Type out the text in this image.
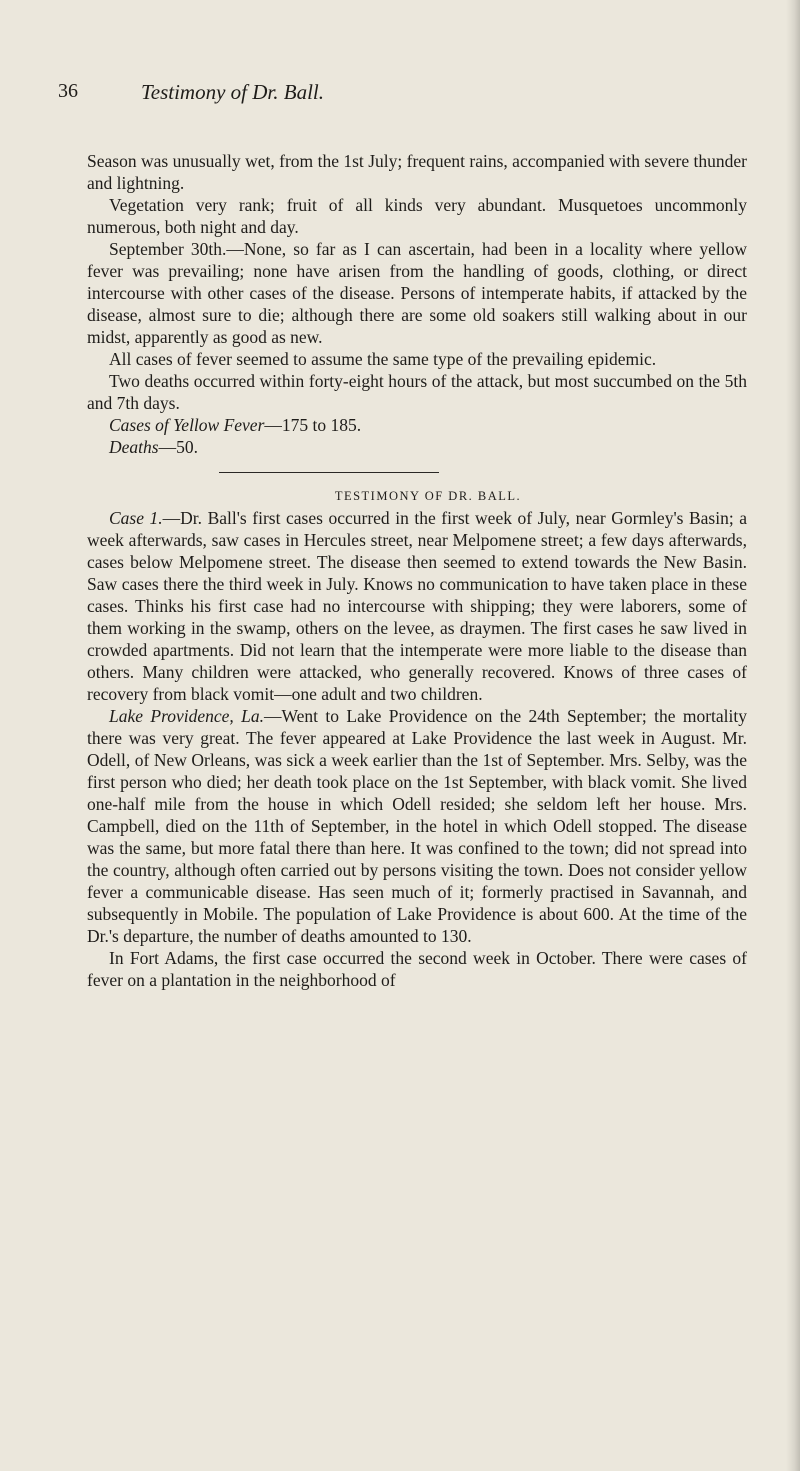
36	Testimony of Dr. Ball.

Season was unusually wet, from the 1st July; frequent rains, accompanied with severe thunder and lightning.

Vegetation very rank; fruit of all kinds very abundant. Musquetoes uncommonly numerous, both night and day.

September 30th.—None, so far as I can ascertain, had been in a locality where yellow fever was prevailing; none have arisen from the handling of goods, clothing, or direct intercourse with other cases of the disease. Persons of intemperate habits, if attacked by the disease, almost sure to die; although there are some old soakers still walking about in our midst, apparently as good as new.

All cases of fever seemed to assume the same type of the prevailing epidemic.

Two deaths occurred within forty-eight hours of the attack, but most succumbed on the 5th and 7th days.

Cases of Yellow Fever—175 to 185.

Deaths—50.

TESTIMONY OF DR. BALL.

Case 1.—Dr. Ball's first cases occurred in the first week of July, near Gormley's Basin; a week afterwards, saw cases in Hercules street, near Melpomene street; a few days afterwards, cases below Melpomene street. The disease then seemed to extend towards the New Basin. Saw cases there the third week in July. Knows no communication to have taken place in these cases. Thinks his first case had no intercourse with shipping; they were laborers, some of them working in the swamp, others on the levee, as draymen. The first cases he saw lived in crowded apartments. Did not learn that the intemperate were more liable to the disease than others. Many children were attacked, who generally recovered. Knows of three cases of recovery from black vomit—one adult and two children.

Lake Providence, La.—Went to Lake Providence on the 24th September; the mortality there was very great. The fever appeared at Lake Providence the last week in August. Mr. Odell, of New Orleans, was sick a week earlier than the 1st of September. Mrs. Selby, was the first person who died; her death took place on the 1st September, with black vomit. She lived one-half mile from the house in which Odell resided; she seldom left her house. Mrs. Campbell, died on the 11th of September, in the hotel in which Odell stopped. The disease was the same, but more fatal there than here. It was confined to the town; did not spread into the country, although often carried out by persons visiting the town. Does not consider yellow fever a communicable disease. Has seen much of it; formerly practised in Savannah, and subsequently in Mobile. The population of Lake Providence is about 600. At the time of the Dr.'s departure, the number of deaths amounted to 130.

In Fort Adams, the first case occurred the second week in October. There were cases of fever on a plantation in the neighborhood of
